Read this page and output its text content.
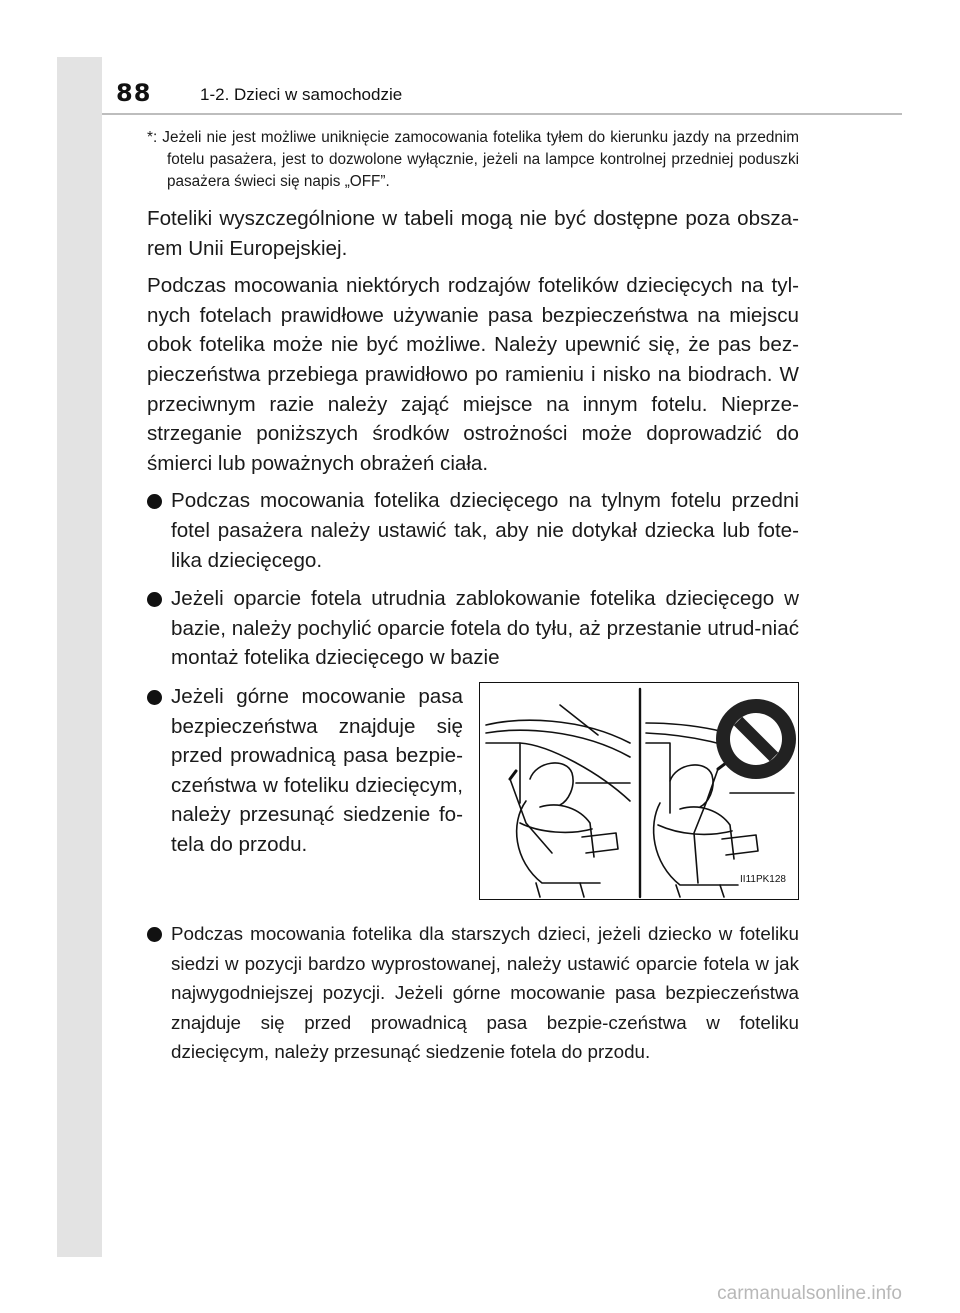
88	1-2. Dzieci w samochodzie

*: Jeżeli nie jest możliwe uniknięcie zamocowania fotelika tyłem do kierunku jazdy na przednim fotelu pasażera, jest to dozwolone wyłącznie, jeżeli na lampce kontrolnej przedniej poduszki pasażera świeci się napis „OFF”.

Foteliki wyszczególnione w tabeli mogą nie być dostępne poza obsza-rem Unii Europejskiej.

Podczas mocowania niektórych rodzajów fotelików dziecięcych na tyl-nych fotelach prawidłowe używanie pasa bezpieczeństwa na miejscu obok fotelika może nie być możliwe. Należy upewnić się, że pas bez-pieczeństwa przebiega prawidłowo po ramieniu i nisko na biodrach. W przeciwnym razie należy zająć miejsce na innym fotelu. Nieprze-strzeganie poniższych środków ostrożności może doprowadzić do śmierci lub poważnych obrażeń ciała.

Podczas mocowania fotelika dziecięcego na tylnym fotelu przedni fotel pasażera należy ustawić tak, aby nie dotykał dziecka lub fote-lika dziecięcego.
Jeżeli oparcie fotela utrudnia zablokowanie fotelika dziecięcego w bazie, należy pochylić oparcie fotela do tyłu, aż przestanie utrud-niać montaż fotelika dziecięcego w bazie
Jeżeli górne mocowanie pasa bezpieczeństwa znajduje się przed prowadnicą pasa bezpie-czeństwa w foteliku dziecięcym, należy przesunąć siedzenie fo-tela do przodu.
II11PK128
Podczas mocowania fotelika dla starszych dzieci, jeżeli dziecko w foteliku siedzi w pozycji bardzo wyprostowanej, należy ustawić oparcie fotela w jak najwygodniejszej pozycji. Jeżeli górne mocowanie pasa bezpieczeństwa znajduje się przed prowadnicą pasa bezpie-czeństwa w foteliku dziecięcym, należy przesunąć siedzenie fotela do przodu.
carmanualsonline.info
